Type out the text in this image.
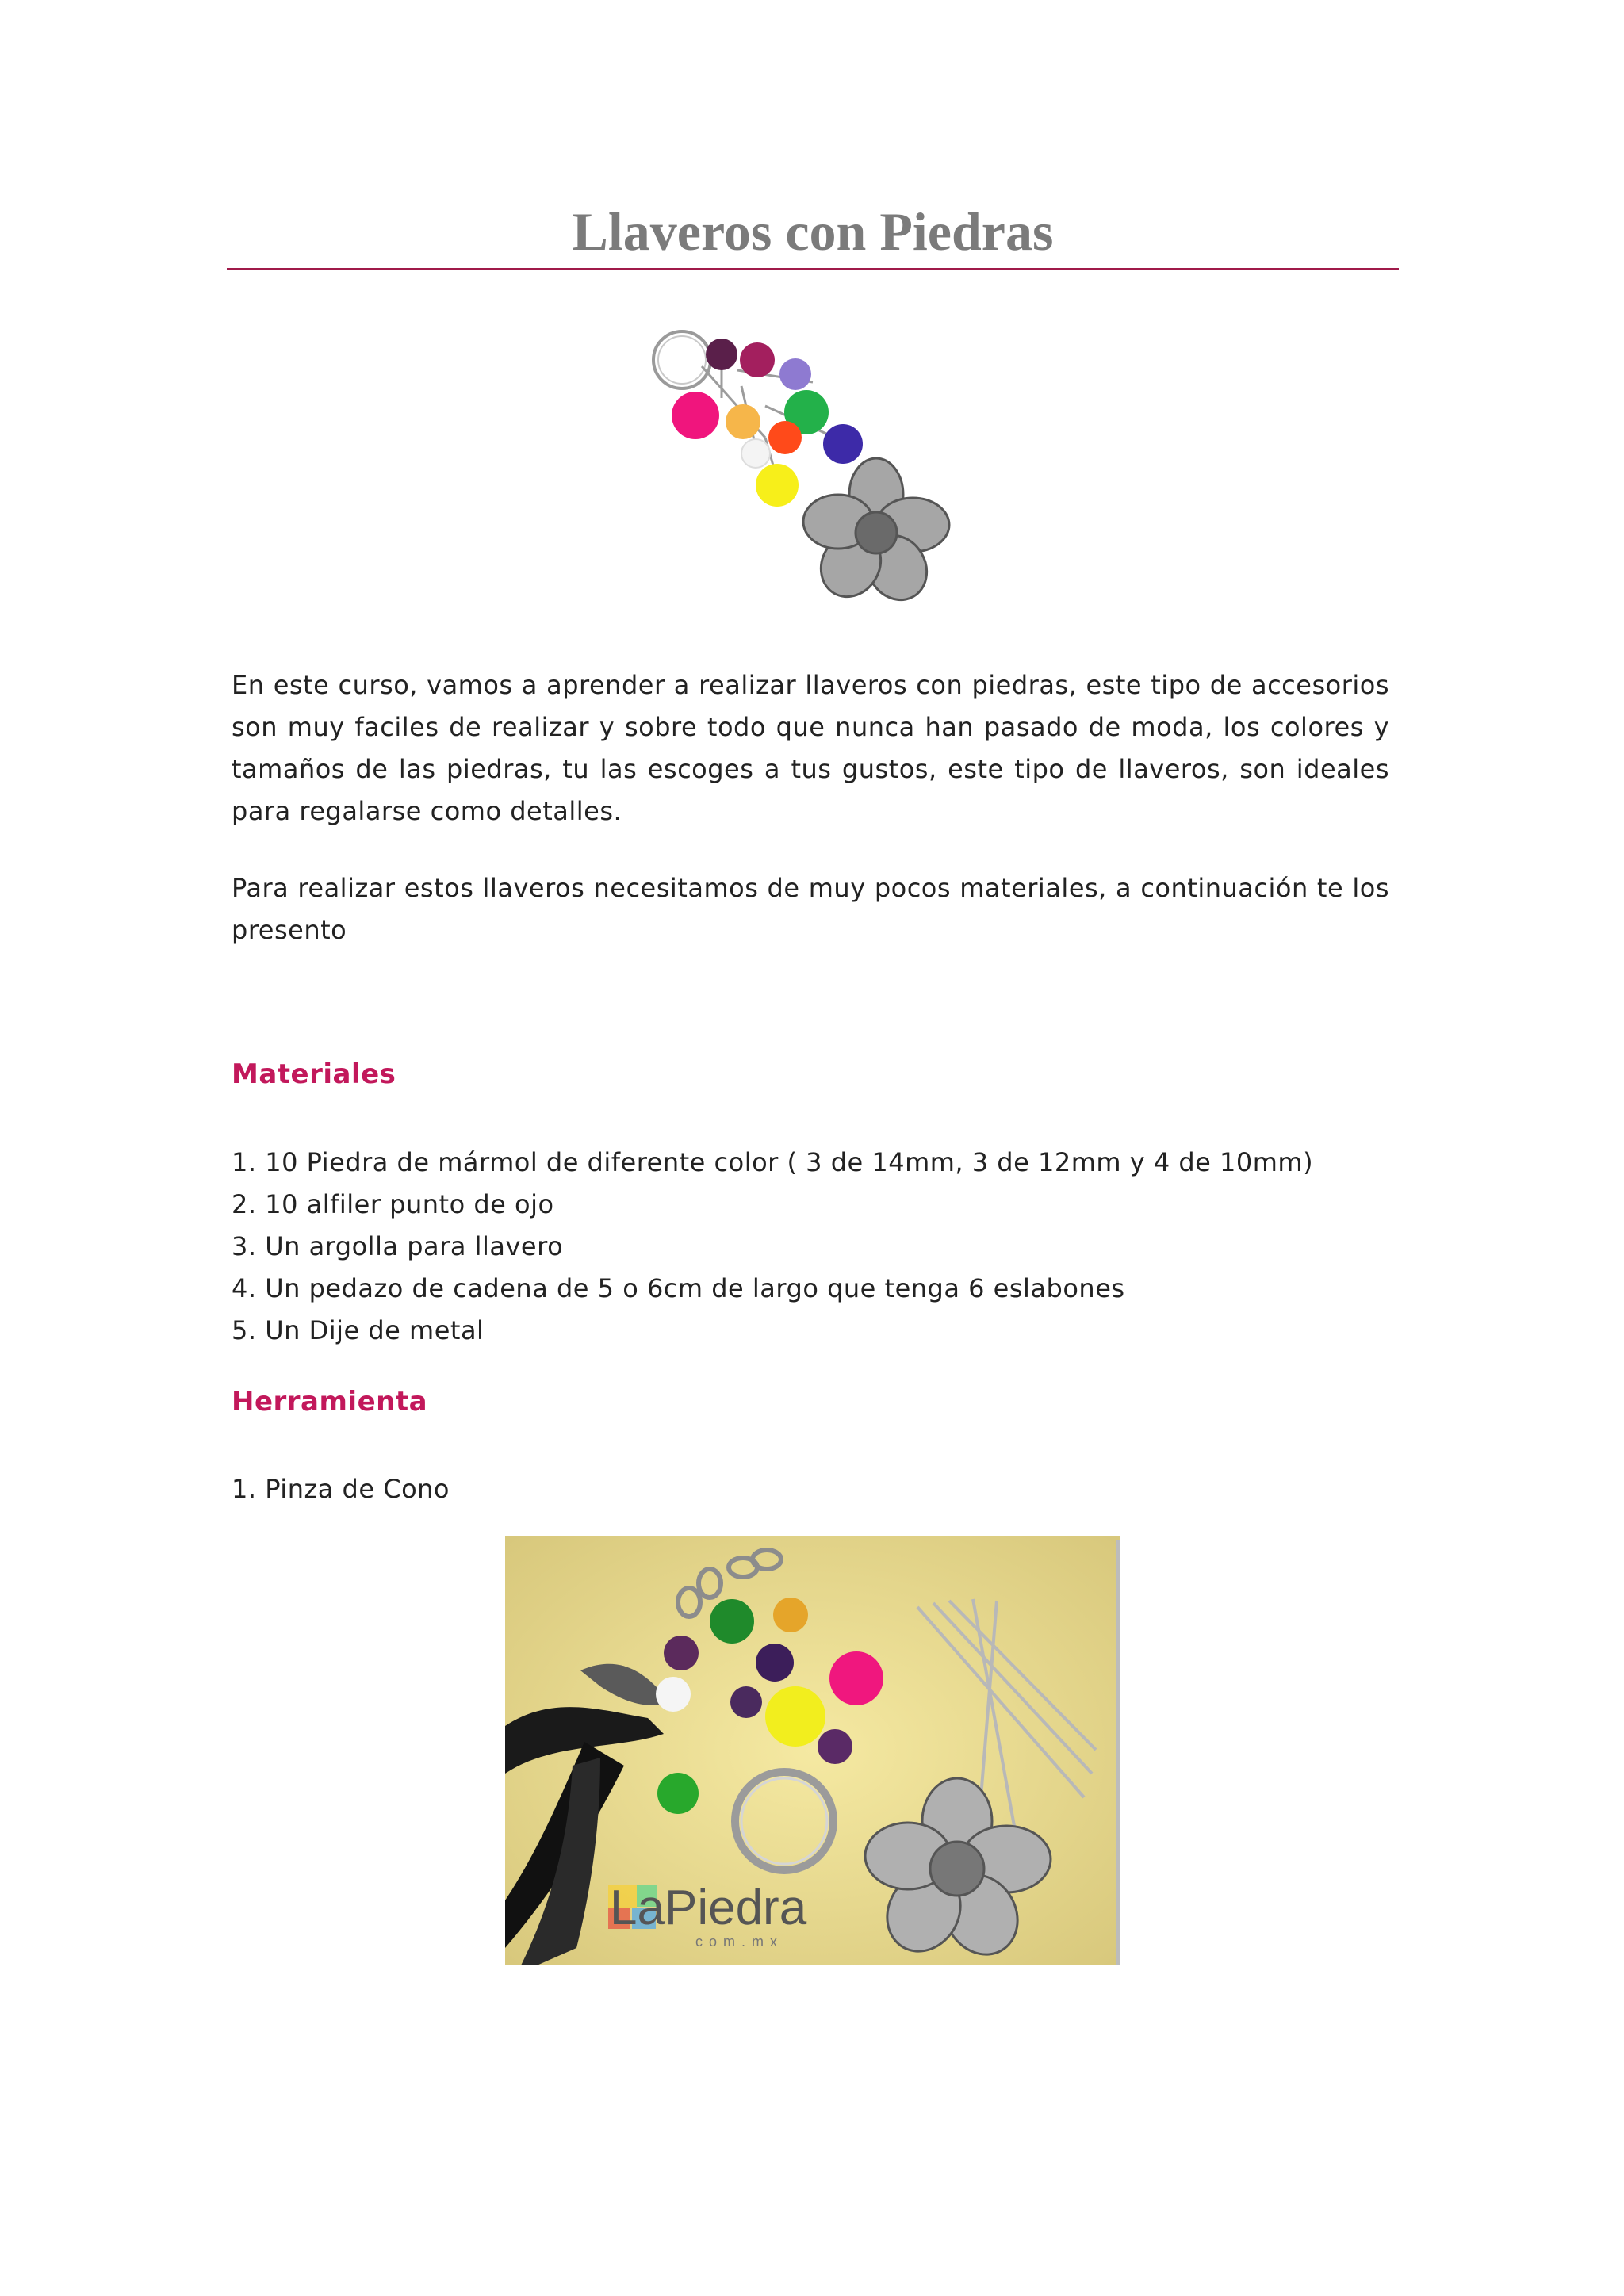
Llaveros con Piedras

En este curso, vamos a aprender a realizar llaveros con piedras, este tipo de accesorios son muy faciles de realizar y sobre todo que nunca han pasado de moda, los colores y tamaños de las piedras, tu las escoges a tus gustos, este tipo de llaveros, son ideales para regalarse como detalles.

Para realizar estos llaveros necesitamos de muy pocos materiales, a continuación te los presento

Materiales
1. 10 Piedra de mármol de diferente color ( 3 de 14mm, 3 de 12mm y 4 de 10mm)
2. 10 alfiler punto de ojo
3. Un argolla para llavero
4. Un pedazo de cadena de 5 o 6cm de largo que tenga 6 eslabones
5. Un Dije de metal
Herramienta
1. Pinza de Cono
LaPiedra
com.mx
